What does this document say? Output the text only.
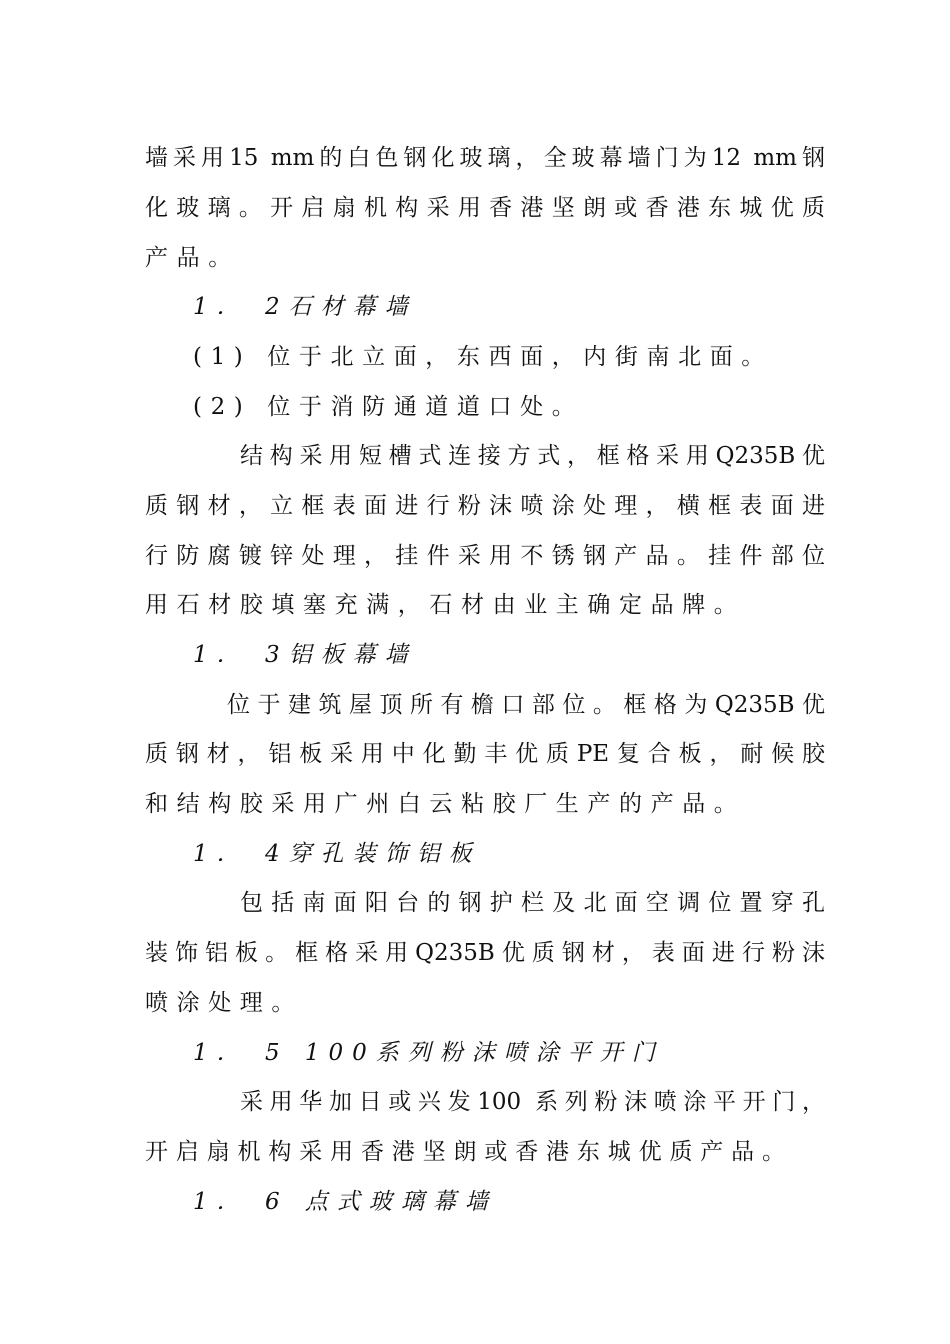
墙采用15 mm的白色钢化玻璃，全玻幕墙门为12 mm钢
化玻璃。开启扇机构采用香港坚朗或香港东城优质
产品。
1． 2石材幕墙
(1) 位于北立面，东西面，内街南北面。
(2) 位于消防通道道口处。
结构采用短槽式连接方式，框格采用Q235B优
质钢材，立框表面进行粉沫喷涂处理，横框表面进
行防腐镀锌处理，挂件采用不锈钢产品。挂件部位
用石材胶填塞充满，石材由业主确定品牌。
1． 3铝板幕墙
位于建筑屋顶所有檐口部位。框格为Q235B优
质钢材，铝板采用中化勤丰优质PE复合板，耐候胶
和结构胶采用广州白云粘胶厂生产的产品。
1． 4穿孔装饰铝板
包括南面阳台的钢护栏及北面空调位置穿孔
装饰铝板。框格采用Q235B优质钢材，表面进行粉沫
喷涂处理。
1． 5 100系列粉沫喷涂平开门
采用华加日或兴发100 系列粉沫喷涂平开门，
开启扇机构采用香港坚朗或香港东城优质产品。
1． 6 点式玻璃幕墙
